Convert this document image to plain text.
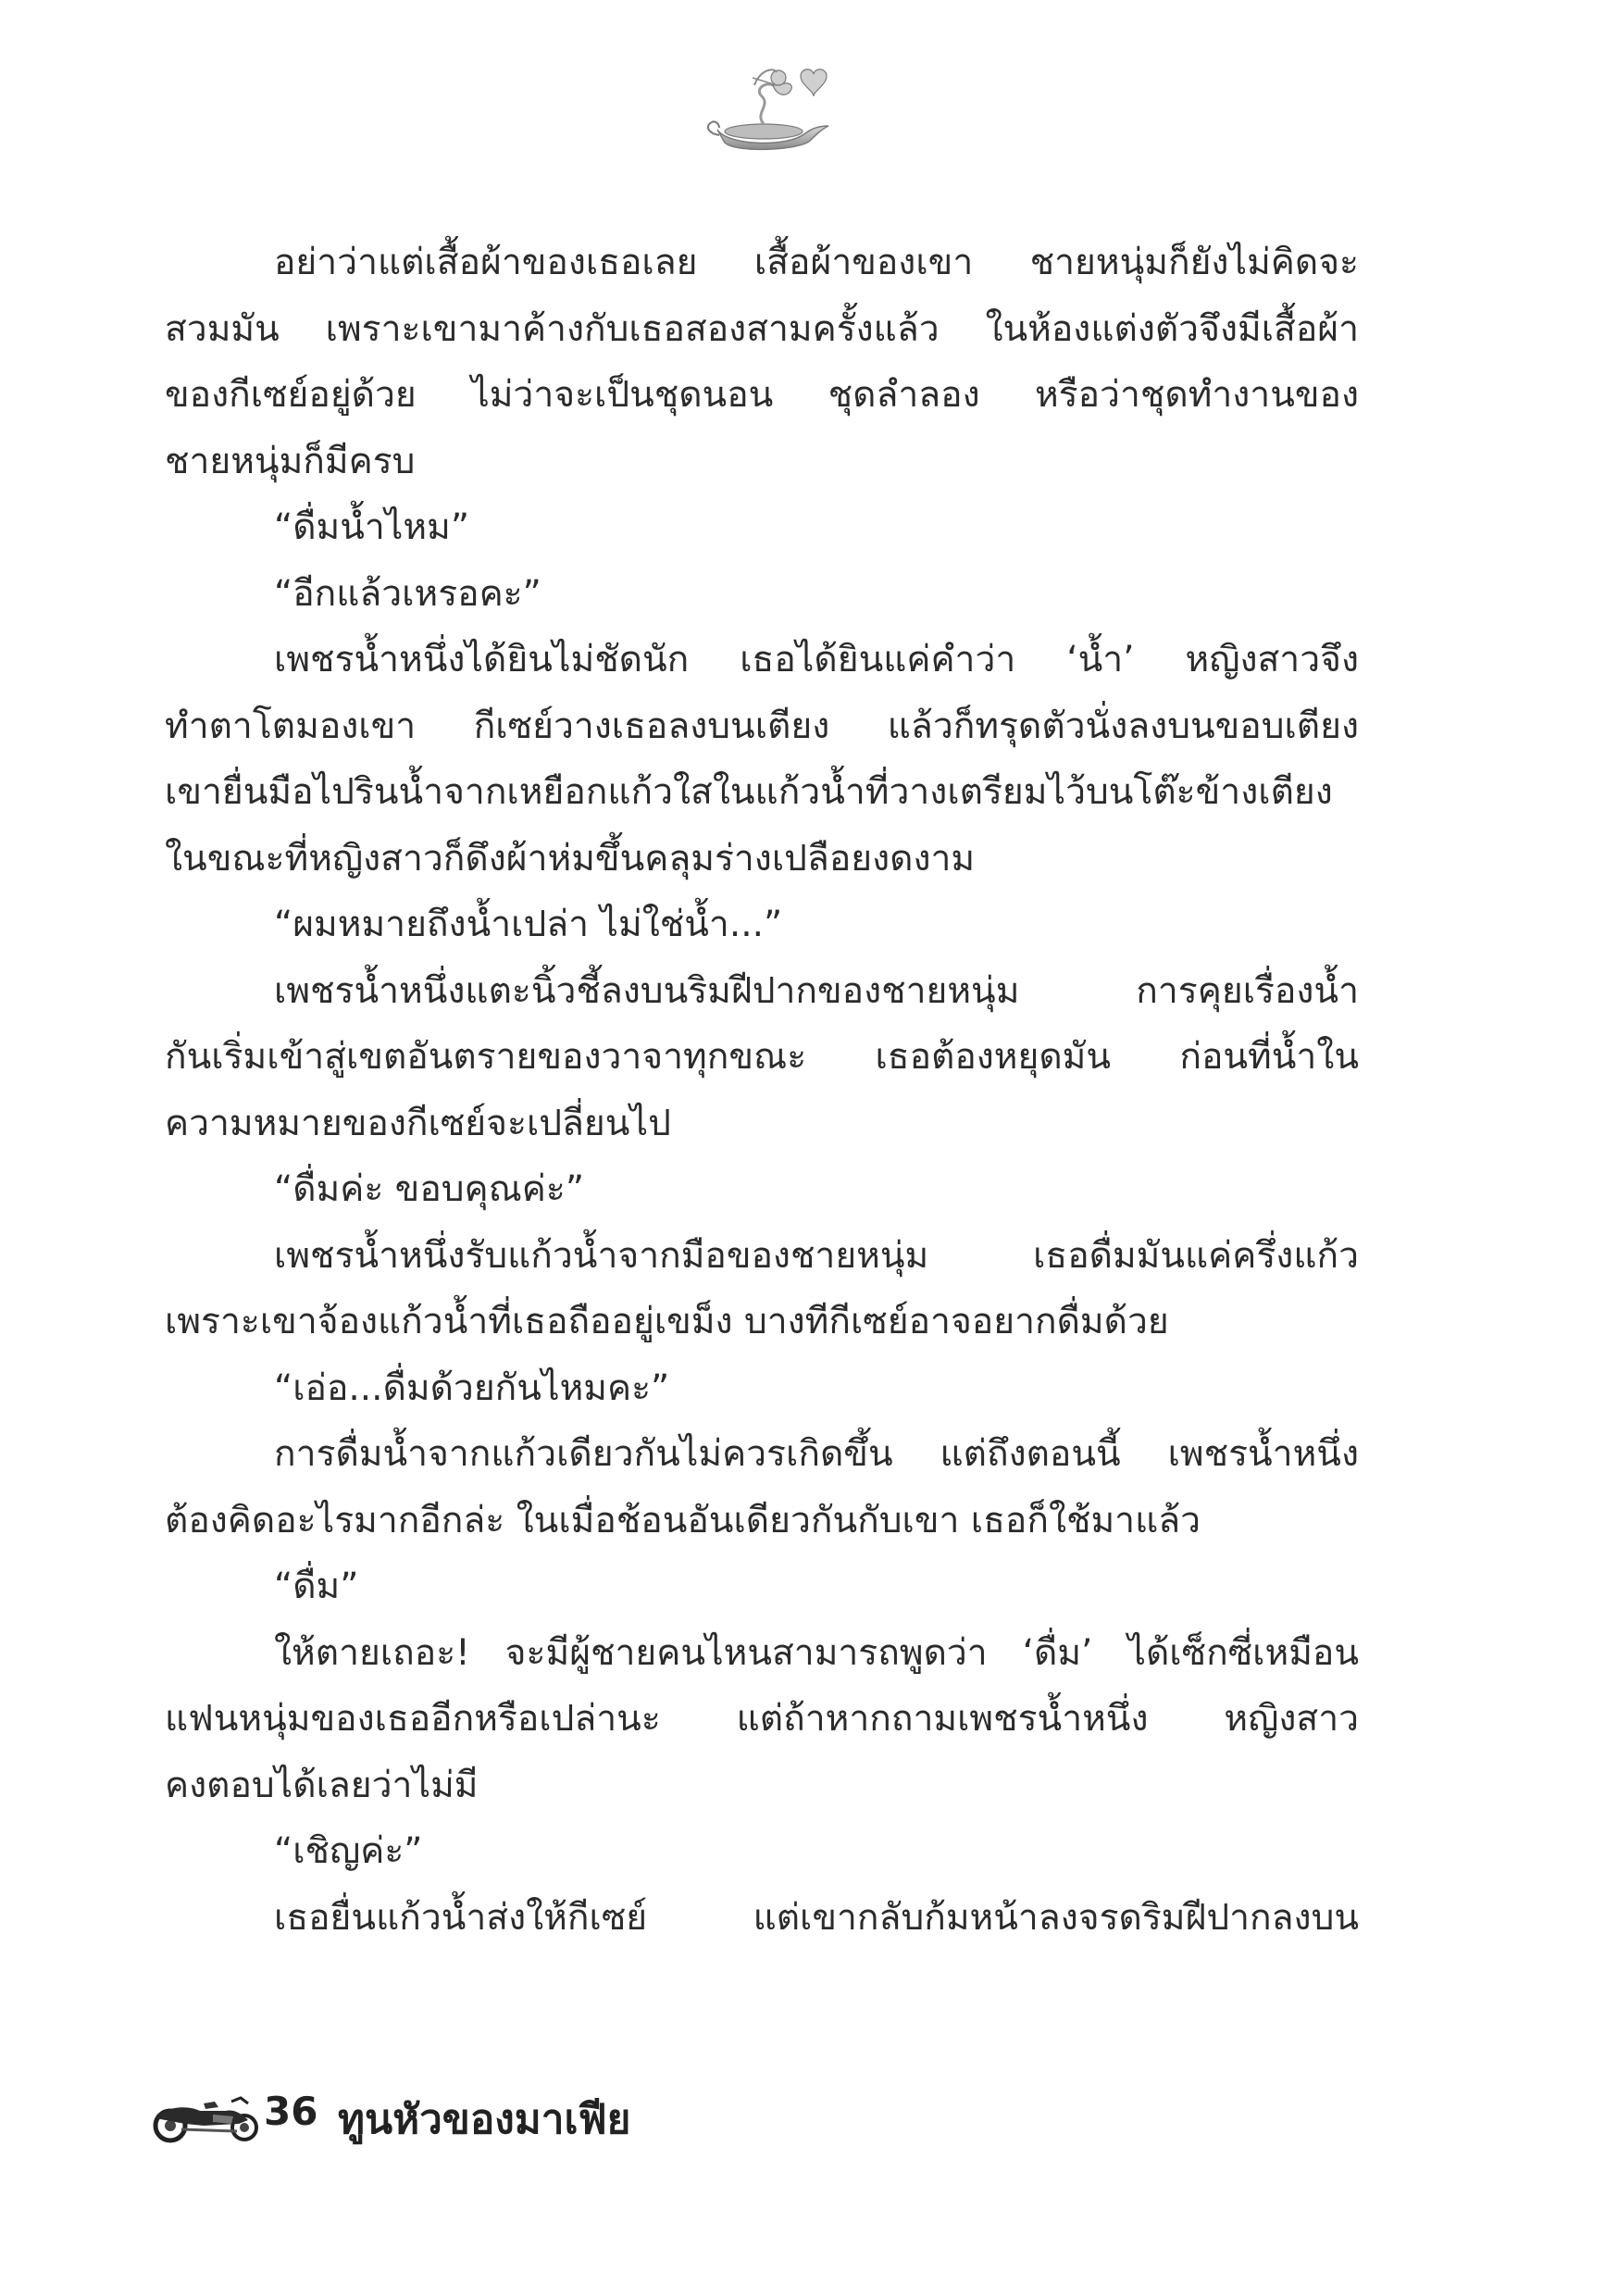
อย่าว่าแต่เสื้อผ้าของเธอเลย เสื้อผ้าของเขา ชายหนุ่มก็ยังไม่คิดจะ
สวมมัน เพราะเขามาค้างกับเธอสองสามครั้งแล้ว ในห้องแต่งตัวจึงมีเสื้อผ้า
ของกีเซย์อยู่ด้วย ไม่ว่าจะเป็นชุดนอน ชุดลำลอง หรือว่าชุดทำงานของ
ชายหนุ่มก็มีครบ
“ดื่มน้ำไหม”
“อีกแล้วเหรอคะ”
เพชรน้ำหนึ่งได้ยินไม่ชัดนัก เธอได้ยินแค่คำว่า ‘น้ำ’ หญิงสาวจึง
ทำตาโตมองเขา กีเซย์วางเธอลงบนเตียง แล้วก็ทรุดตัวนั่งลงบนขอบเตียง
เขายื่นมือไปรินน้ำจากเหยือกแก้วใสในแก้วน้ำที่วางเตรียมไว้บนโต๊ะข้างเตียง
ในขณะที่หญิงสาวก็ดึงผ้าห่มขึ้นคลุมร่างเปลือยงดงาม
“ผมหมายถึงน้ำเปล่า ไม่ใช่น้ำ...”
เพชรน้ำหนึ่งแตะนิ้วชี้ลงบนริมฝีปากของชายหนุ่ม การคุยเรื่องน้ำ
กันเริ่มเข้าสู่เขตอันตรายของวาจาทุกขณะ เธอต้องหยุดมัน ก่อนที่น้ำใน
ความหมายของกีเซย์จะเปลี่ยนไป
“ดื่มค่ะ ขอบคุณค่ะ”
เพชรน้ำหนึ่งรับแก้วน้ำจากมือของชายหนุ่ม เธอดื่มมันแค่ครึ่งแก้ว
เพราะเขาจ้องแก้วน้ำที่เธอถืออยู่เขม็ง บางทีกีเซย์อาจอยากดื่มด้วย
“เอ่อ...ดื่มด้วยกันไหมคะ”
การดื่มน้ำจากแก้วเดียวกันไม่ควรเกิดขึ้น แต่ถึงตอนนี้ เพชรน้ำหนึ่ง
ต้องคิดอะไรมากอีกล่ะ ในเมื่อช้อนอันเดียวกันกับเขา เธอก็ใช้มาแล้ว
“ดื่ม”
ให้ตายเถอะ! จะมีผู้ชายคนไหนสามารถพูดว่า ‘ดื่ม’ ได้เซ็กซี่เหมือน
แฟนหนุ่มของเธออีกหรือเปล่านะ แต่ถ้าหากถามเพชรน้ำหนึ่ง หญิงสาว
คงตอบได้เลยว่าไม่มี
“เชิญค่ะ”
เธอยื่นแก้วน้ำส่งให้กีเซย์ แต่เขากลับก้มหน้าลงจรดริมฝีปากลงบน
36 ทูนหัวของมาเฟีย
